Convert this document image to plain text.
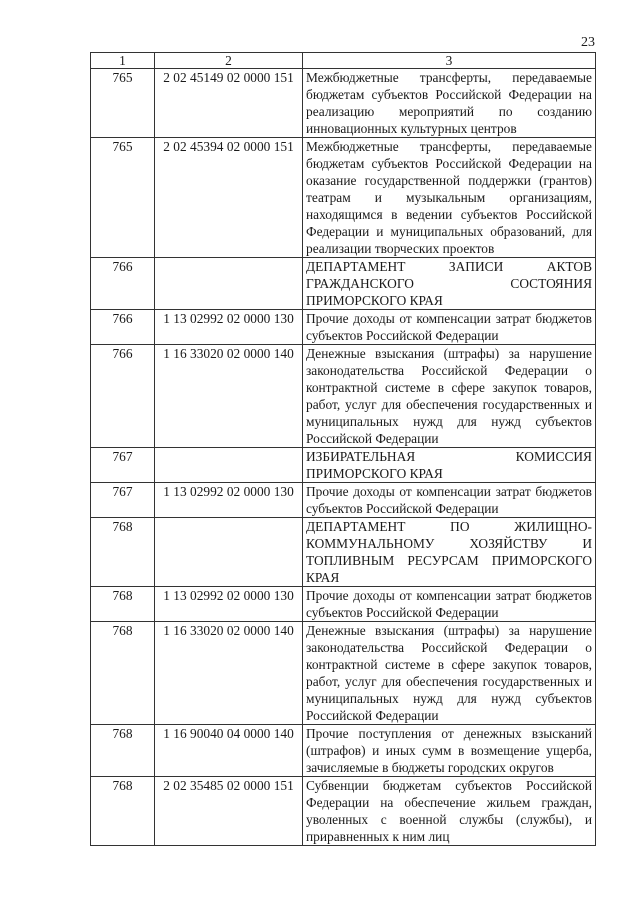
23
1	2	3
765	2 02 45149 02 0000 151	Межбюджетные трансферты, передаваемые бюджетам субъектов Российской Федерации на реализацию мероприятий по созданию инновационных культурных центров
765	2 02 45394 02 0000 151	Межбюджетные трансферты, передаваемые бюджетам субъектов Российской Федерации на оказание государственной поддержки (грантов) театрам и музыкальным организациям, находящимся в ведении субъектов Российской Федерации и муниципальных образований, для реализации творческих проектов
766		ДЕПАРТАМЕНТ ЗАПИСИ АКТОВ ГРАЖДАНСКОГО СОСТОЯНИЯ ПРИМОРСКОГО КРАЯ
766	1 13 02992 02 0000 130	Прочие доходы от компенсации затрат бюджетов субъектов Российской Федерации
766	1 16 33020 02 0000 140	Денежные взыскания (штрафы) за нарушение законодательства Российской Федерации о контрактной системе в сфере закупок товаров, работ, услуг для обеспечения государственных и муниципальных нужд для нужд субъектов Российской Федерации
767		ИЗБИРАТЕЛЬНАЯ КОМИССИЯ ПРИМОРСКОГО КРАЯ
767	1 13 02992 02 0000 130	Прочие доходы от компенсации затрат бюджетов субъектов Российской Федерации
768		ДЕПАРТАМЕНТ ПО ЖИЛИЩНО-КОММУНАЛЬНОМУ ХОЗЯЙСТВУ И ТОПЛИВНЫМ РЕСУРСАМ ПРИМОРСКОГО КРАЯ
768	1 13 02992 02 0000 130	Прочие доходы от компенсации затрат бюджетов субъектов Российской Федерации
768	1 16 33020 02 0000 140	Денежные взыскания (штрафы) за нарушение законодательства Российской Федерации о контрактной системе в сфере закупок товаров, работ, услуг для обеспечения государственных и муниципальных нужд для нужд субъектов Российской Федерации
768	1 16 90040 04 0000 140	Прочие поступления от денежных взысканий (штрафов) и иных сумм в возмещение ущерба, зачисляемые в бюджеты городских округов
768	2 02 35485 02 0000 151	Субвенции бюджетам субъектов Российской Федерации на обеспечение жильем граждан, уволенных с военной службы (службы), и приравненных к ним лиц
